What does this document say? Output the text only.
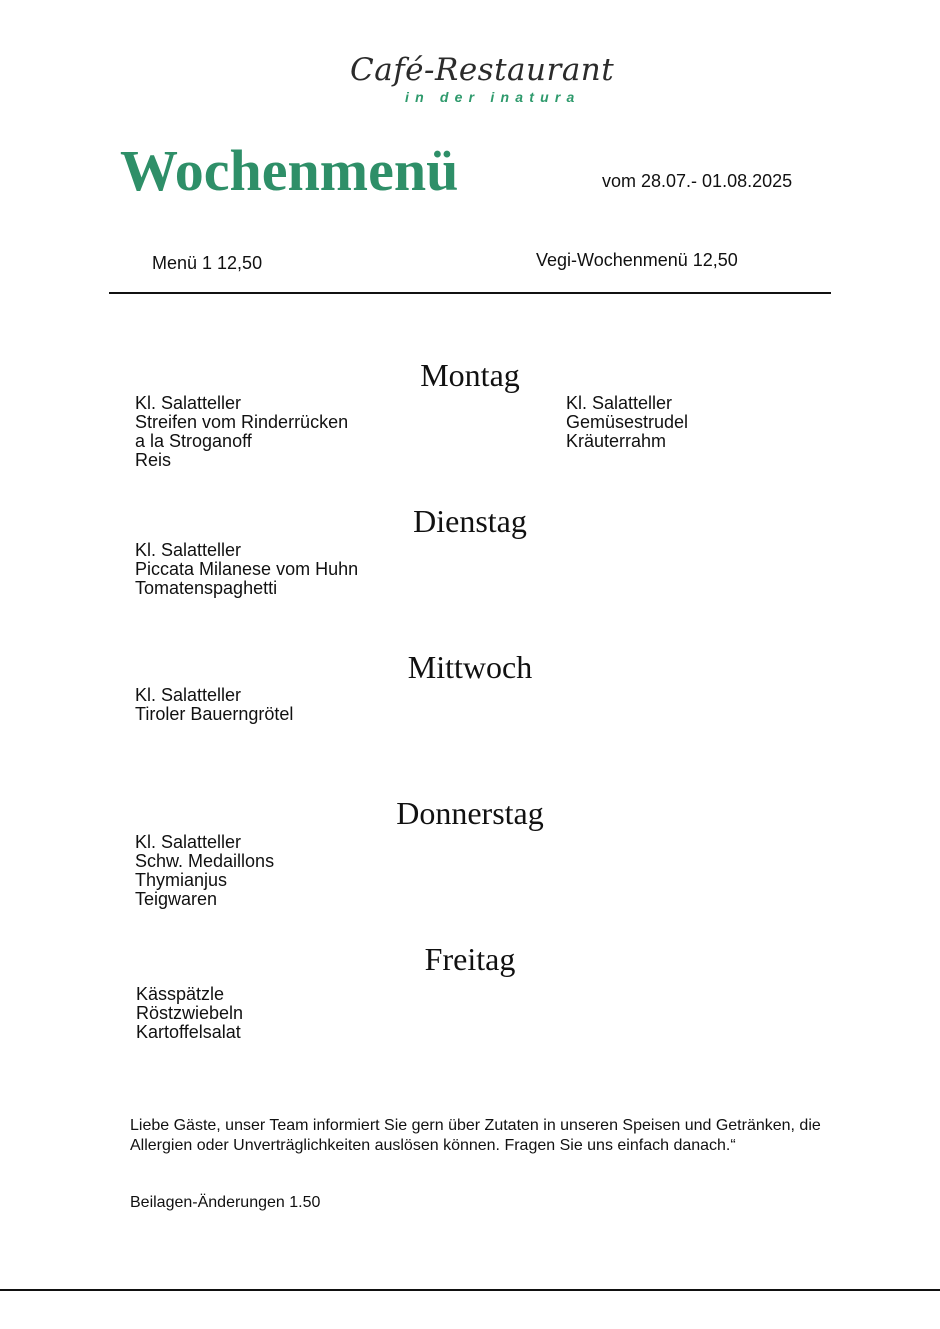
Café-Restaurant
in der inatura
Wochenmenü	vom 28.07.- 01.08.2025
Menü 1 12,50	Vegi-Wochenmenü 12,50
Montag
Kl. Salatteller
Streifen vom Rinderrücken
a la Stroganoff
Reis
Kl. Salatteller
Gemüsestrudel
Kräuterrahm
Dienstag
Kl. Salatteller
Piccata Milanese vom Huhn
Tomatenspaghetti
Mittwoch
Kl. Salatteller
Tiroler Bauerngrötel
Donnerstag
Kl. Salatteller
Schw. Medaillons
Thymianjus
Teigwaren
Freitag
Kässpätzle
Röstzwiebeln
Kartoffelsalat
Liebe Gäste, unser Team informiert Sie gern über Zutaten in unseren Speisen und Getränken, die
Allergien oder Unverträglichkeiten auslösen können. Fragen Sie uns einfach danach.“
Beilagen-Änderungen 1.50
